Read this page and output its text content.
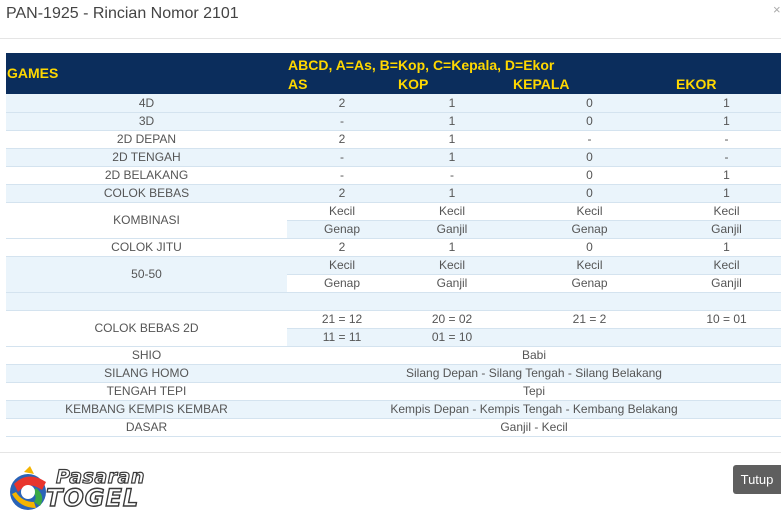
PAN-1925 - Rincian Nomor 2101	×
GAMES	ABCD, A=As, B=Kop, C=Kepala, D=Ekor			
	AS	KOP	KEPALA	EKOR
4D	2	1	0	1
3D	-	1	0	1
2D DEPAN	2	1	-	-
2D TENGAH	-	1	0	-
2D BELAKANG	-	-	0	1
COLOK BEBAS	2	1	0	1
KOMBINASI	Kecil	Kecil	Kecil	Kecil
	Genap	Ganjil	Genap	Ganjil
COLOK JITU	2	1	0	1
50-50	Kecil	Kecil	Kecil	Kecil
	Genap	Ganjil	Genap	Ganjil

COLOK BEBAS 2D	21 = 12	20 = 02	21 = 2	10 = 01
	11 = 11	01 = 10		
SHIO	Babi			
SILANG HOMO	Silang Depan - Silang Tengah - Silang Belakang			
TENGAH TEPI	Tepi			
KEMBANG KEMPIS KEMBAR	Kempis Depan - Kempis Tengah - Kembang Belakang			
DASAR	Ganjil - Kecil			
Pasaran
TOGEL
Tutup
